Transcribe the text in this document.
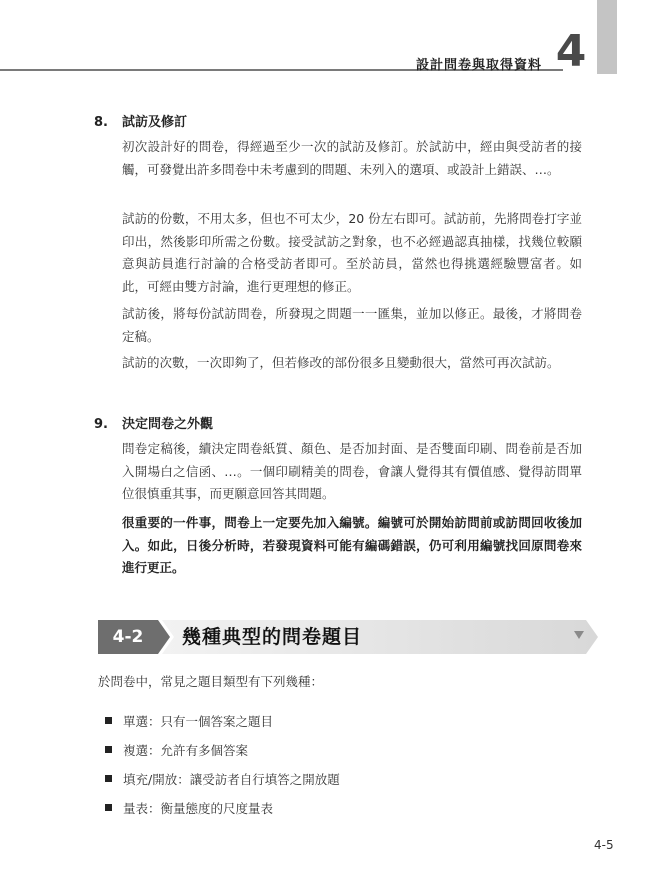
設計問卷與取得資料 4
8. 試訪及修訂
初次設計好的問卷，得經過至少一次的試訪及修訂。於試訪中，經由與受訪者的接觸，可發覺出許多問卷中未考慮到的問題、未列入的選項、或設計上錯誤、…。
試訪的份數，不用太多，但也不可太少，20 份左右即可。試訪前，先將問卷打字並印出，然後影印所需之份數。接受試訪之對象，也不必經過認真抽樣，找幾位較願意與訪員進行討論的合格受訪者即可。至於訪員，當然也得挑選經驗豐富者。如此，可經由雙方討論，進行更理想的修正。
試訪後，將每份試訪問卷，所發現之問題一一匯集，並加以修正。最後，才將問卷定稿。
試訪的次數，一次即夠了，但若修改的部份很多且變動很大，當然可再次試訪。
9. 決定問卷之外觀
問卷定稿後，續決定問卷紙質、顏色、是否加封面、是否雙面印刷、問卷前是否加入開場白之信函、…。一個印刷精美的問卷，會讓人覺得其有價值感、覺得訪問單位很慎重其事，而更願意回答其問題。
很重要的一件事，問卷上一定要先加入編號。編號可於開始訪問前或訪問回收後加入。如此，日後分析時，若發現資料可能有編碼錯誤，仍可利用編號找回原問卷來進行更正。
4-2	幾種典型的問卷題目
於問卷中，常見之題目類型有下列幾種：
單選：只有一個答案之題目
複選：允許有多個答案
填充/開放：讓受訪者自行填答之開放題
量表：衡量態度的尺度量表
4-5
